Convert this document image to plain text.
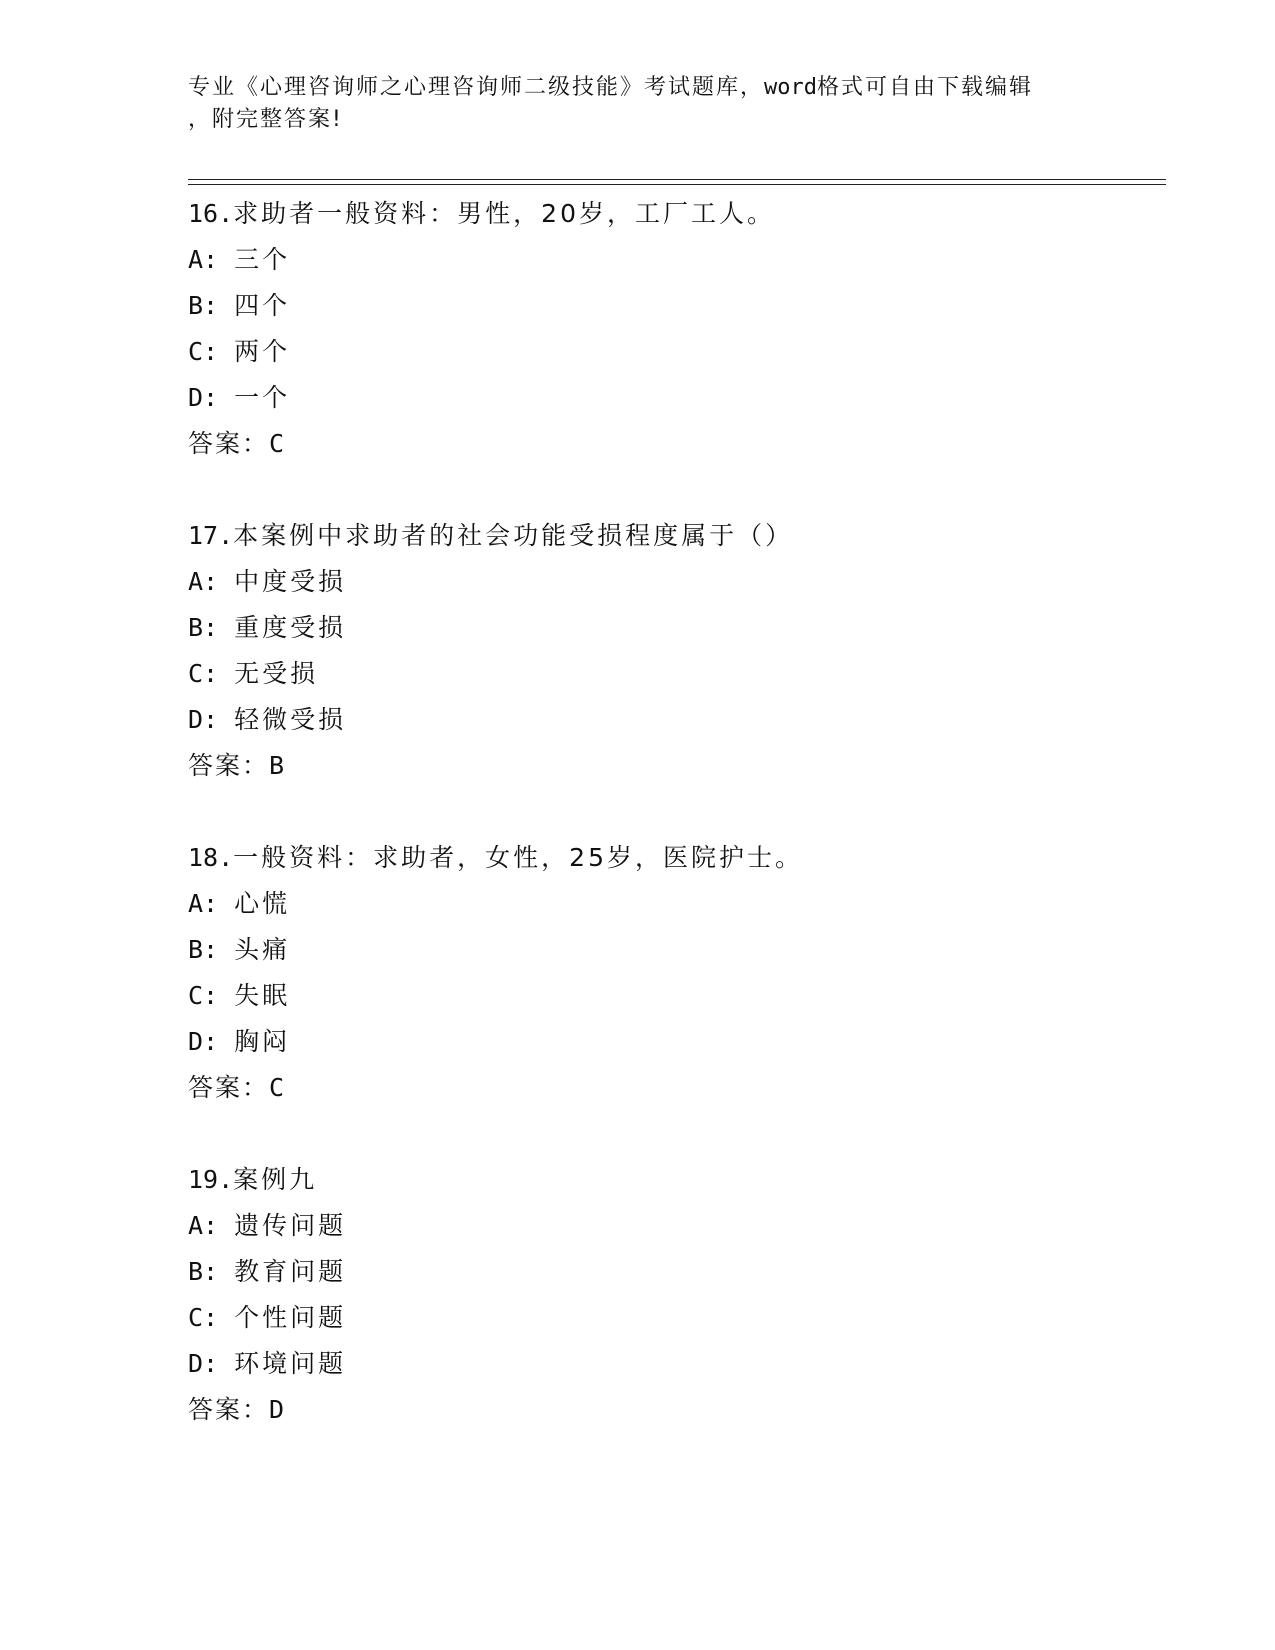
专业《心理咨询师之心理咨询师二级技能》考试题库，word格式可自由下载编辑
，附完整答案!
16.求助者一般资料：男性，20岁，工厂工人。
A: 三个
B: 四个
C: 两个
D: 一个
答案：C
17.本案例中求助者的社会功能受损程度属于（）
A: 中度受损
B: 重度受损
C: 无受损
D: 轻微受损
答案：B
18.一般资料：求助者，女性，25岁，医院护士。
A: 心慌
B: 头痛
C: 失眠
D: 胸闷
答案：C
19.案例九
A: 遗传问题
B: 教育问题
C: 个性问题
D: 环境问题
答案：D
